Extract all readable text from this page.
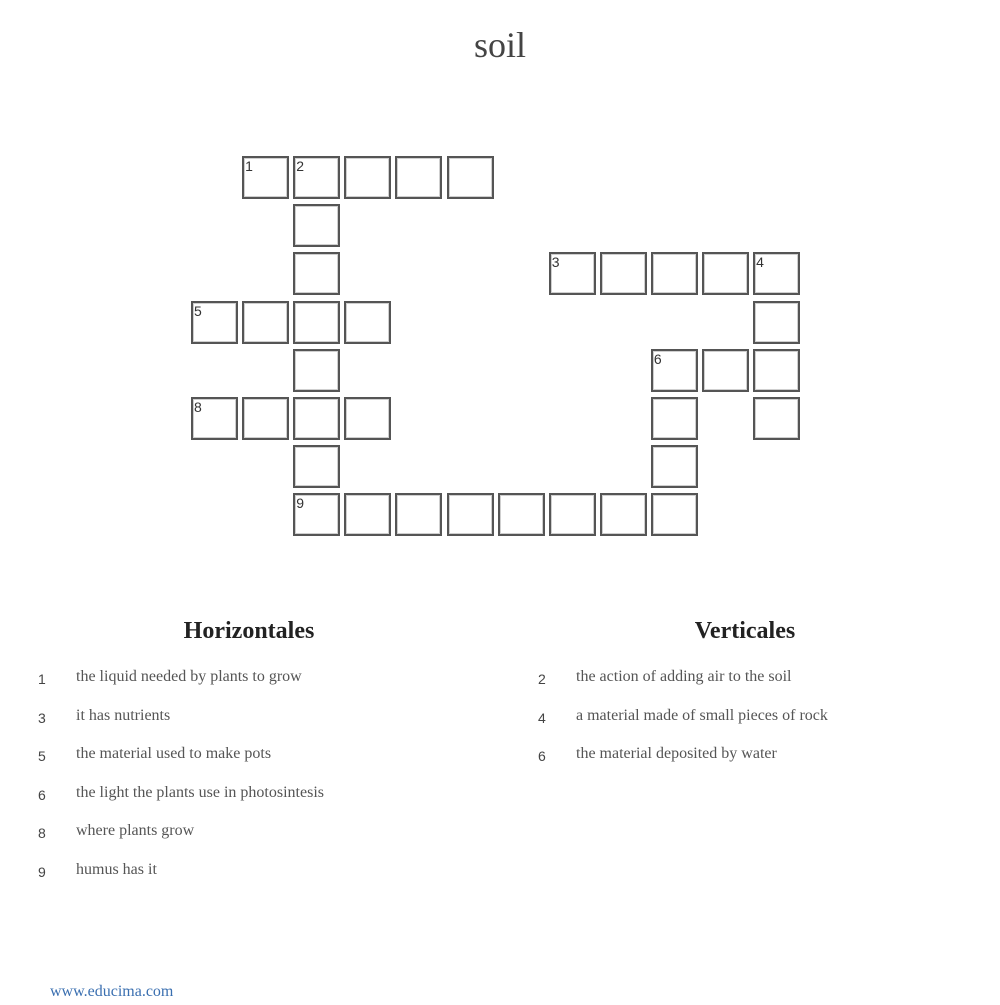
soil
1	2
3	4
5
6
8
9
Horizontales	Verticales
1 the liquid needed by plants to grow
3 it has nutrients
5 the material used to make pots
6 the light the plants use in photosintesis
8 where plants grow
9 humus has it
2 the action of adding air to the soil
4 a material made of small pieces of rock
6 the material deposited by water
www.educima.com
